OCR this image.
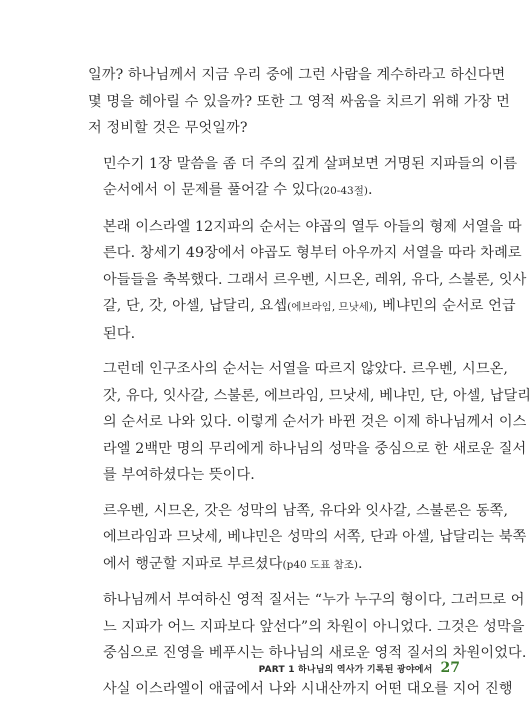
일까? 하나님께서 지금 우리 중에 그런 사람을 계수하라고 하신다면
몇 명을 헤아릴 수 있을까? 또한 그 영적 싸움을 치르기 위해 가장 먼
저 정비할 것은 무엇일까?

민수기 1장 말씀을 좀 더 주의 깊게 살펴보면 거명된 지파들의 이름
순서에서 이 문제를 풀어갈 수 있다(20-43절).

본래 이스라엘 12지파의 순서는 야곱의 열두 아들의 형제 서열을 따
른다. 창세기 49장에서 야곱도 형부터 아우까지 서열을 따라 차례로
아들들을 축복했다. 그래서 르우벤, 시므온, 레위, 유다, 스불론, 잇사
갈, 단, 갓, 아셀, 납달리, 요셉(에브라임, 므낫세), 베냐민의 순서로 언급
된다.

그런데 인구조사의 순서는 서열을 따르지 않았다. 르우벤, 시므온,
갓, 유다, 잇사갈, 스불론, 에브라임, 므낫세, 베냐민, 단, 아셀, 납달리
의 순서로 나와 있다. 이렇게 순서가 바뀐 것은 이제 하나님께서 이스
라엘 2백만 명의 무리에게 하나님의 성막을 중심으로 한 새로운 질서
를 부여하셨다는 뜻이다.

르우벤, 시므온, 갓은 성막의 남쪽, 유다와 잇사갈, 스불론은 동쪽,
에브라임과 므낫세, 베냐민은 성막의 서쪽, 단과 아셀, 납달리는 북쪽
에서 행군할 지파로 부르셨다(p40 도표 참조).

하나님께서 부여하신 영적 질서는 “누가 누구의 형이다, 그러므로 어
느 지파가 어느 지파보다 앞선다”의 차원이 아니었다. 그것은 성막을
중심으로 진영을 베푸시는 하나님의 새로운 영적 질서의 차원이었다.

사실 이스라엘이 애굽에서 나와 시내산까지 어떤 대오를 지어 진행

PART 1 하나님의 역사가 기록된 광야에서 27
